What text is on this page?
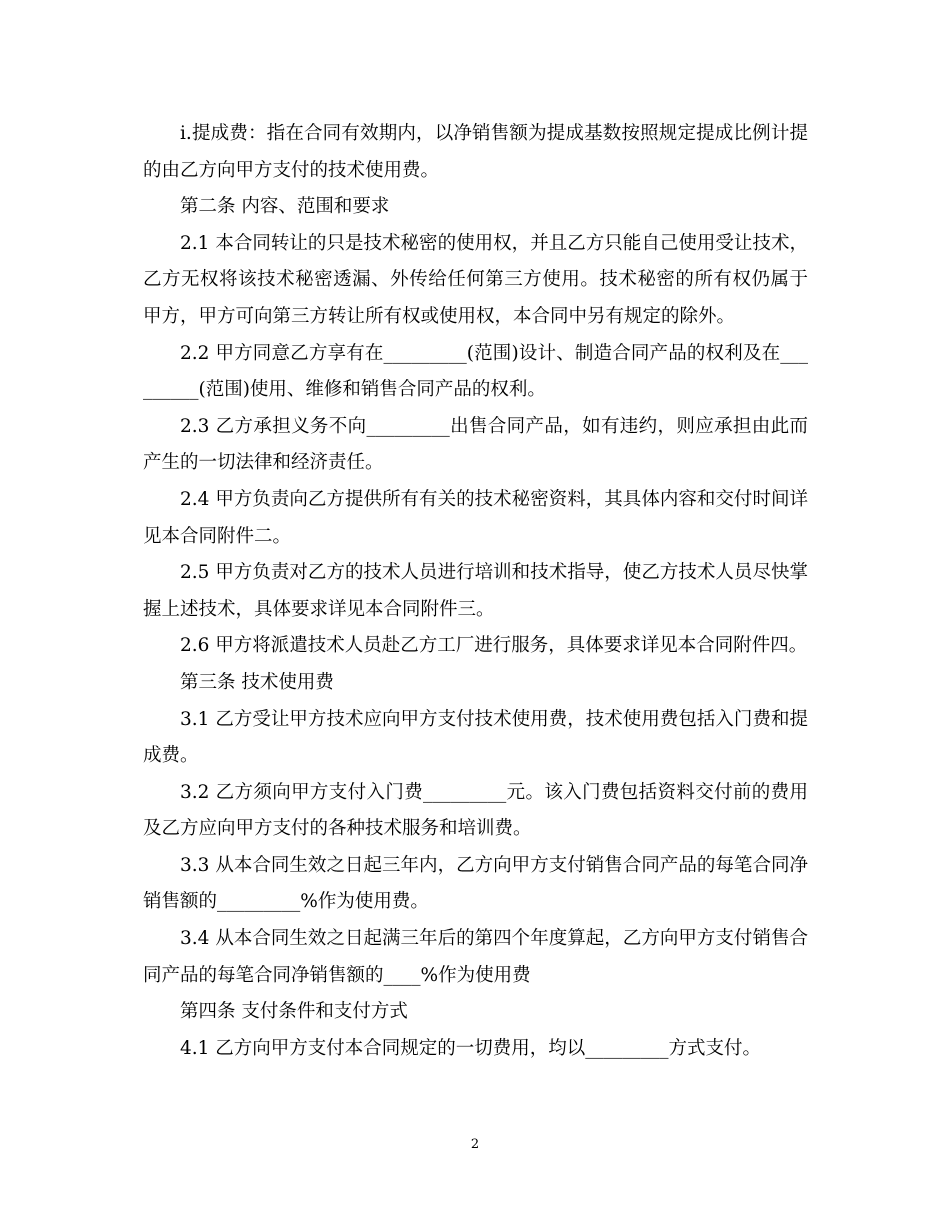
i.提成费：指在合同有效期内，以净销售额为提成基数按照规定提成比例计提的由乙方向甲方支付的技术使用费。

第二条 内容、范围和要求

2.1 本合同转让的只是技术秘密的使用权，并且乙方只能自己使用受让技术，乙方无权将该技术秘密透漏、外传给任何第三方使用。技术秘密的所有权仍属于甲方，甲方可向第三方转让所有权或使用权，本合同中另有规定的除外。

2.2 甲方同意乙方享有在_________(范围)设计、制造合同产品的权利及在_________(范围)使用、维修和销售合同产品的权利。

2.3 乙方承担义务不向_________出售合同产品，如有违约，则应承担由此而产生的一切法律和经济责任。

2.4 甲方负责向乙方提供所有有关的技术秘密资料，其具体内容和交付时间详见本合同附件二。

2.5 甲方负责对乙方的技术人员进行培训和技术指导，使乙方技术人员尽快掌握上述技术，具体要求详见本合同附件三。

2.6 甲方将派遣技术人员赴乙方工厂进行服务，具体要求详见本合同附件四。

第三条 技术使用费

3.1 乙方受让甲方技术应向甲方支付技术使用费，技术使用费包括入门费和提成费。

3.2 乙方须向甲方支付入门费_________元。该入门费包括资料交付前的费用及乙方应向甲方支付的各种技术服务和培训费。

3.3 从本合同生效之日起三年内，乙方向甲方支付销售合同产品的每笔合同净销售额的_________%作为使用费。

3.4 从本合同生效之日起满三年后的第四个年度算起，乙方向甲方支付销售合同产品的每笔合同净销售额的____%作为使用费

第四条 支付条件和支付方式

4.1 乙方向甲方支付本合同规定的一切费用，均以_________方式支付。

2
